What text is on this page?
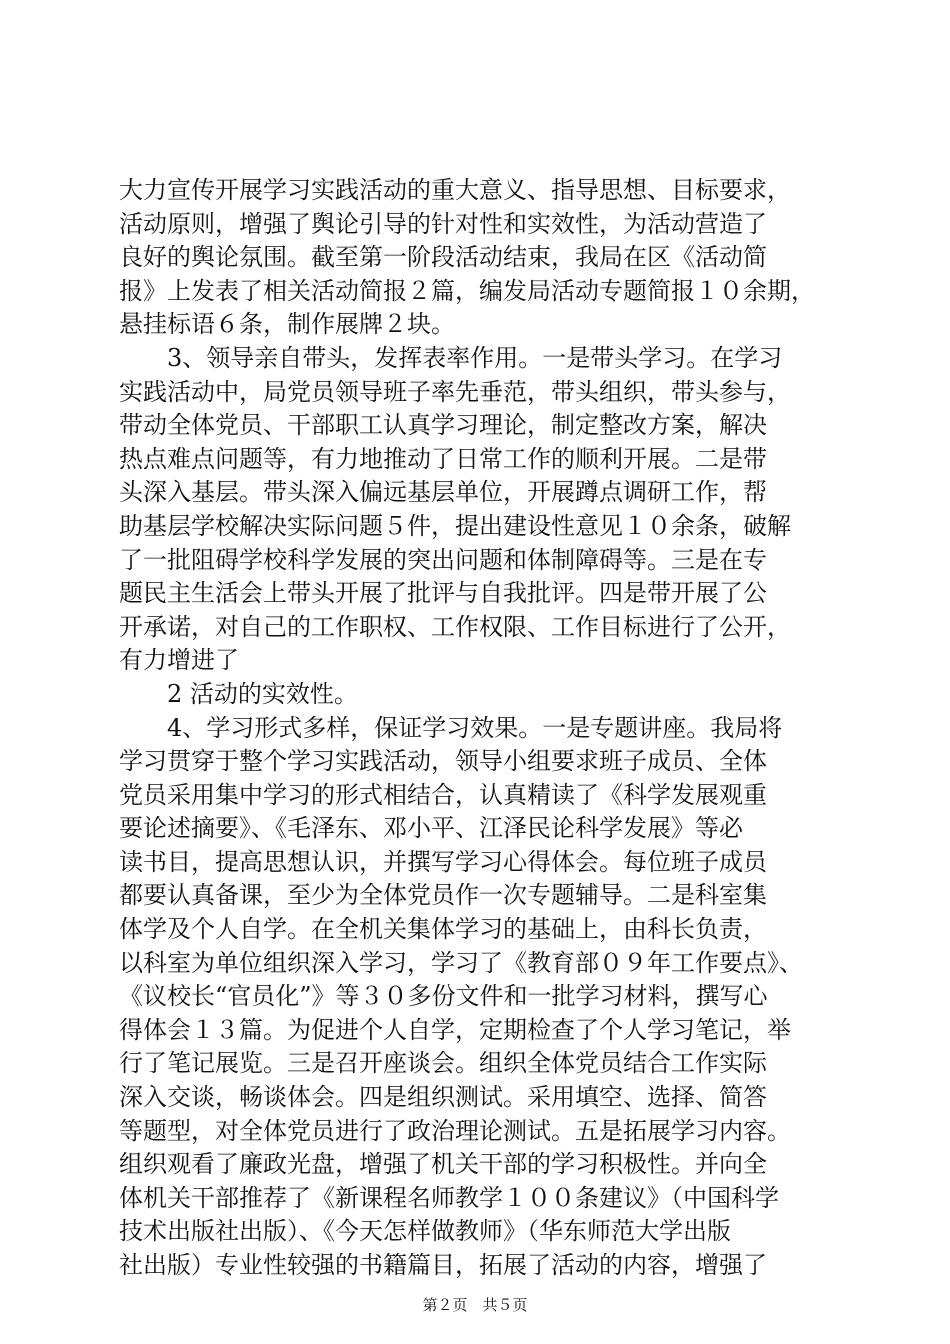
大力宣传开展学习实践活动的重大意义、指导思想、目标要求，
活动原则，增强了舆论引导的针对性和实效性，为活动营造了
良好的舆论氛围。截至第一阶段活动结束，我局在区《活动简
报》上发表了相关活动简报２篇，编发局活动专题简报１０余期，
悬挂标语６条，制作展牌２块。
3、领导亲自带头，发挥表率作用。一是带头学习。在学习
实践活动中，局党员领导班子率先垂范，带头组织，带头参与，
带动全体党员、干部职工认真学习理论，制定整改方案，解决
热点难点问题等，有力地推动了日常工作的顺利开展。二是带
头深入基层。带头深入偏远基层单位，开展蹲点调研工作，帮
助基层学校解决实际问题５件，提出建设性意见１０余条，破解
了一批阻碍学校科学发展的突出问题和体制障碍等。三是在专
题民主生活会上带头开展了批评与自我批评。四是带开展了公
开承诺，对自己的工作职权、工作权限、工作目标进行了公开，
有力增进了
2 活动的实效性。
4、学习形式多样，保证学习效果。一是专题讲座。我局将
学习贯穿于整个学习实践活动，领导小组要求班子成员、全体
党员采用集中学习的形式相结合，认真精读了《科学发展观重
要论述摘要》、《毛泽东、邓小平、江泽民论科学发展》等必
读书目，提高思想认识，并撰写学习心得体会。每位班子成员
都要认真备课，至少为全体党员作一次专题辅导。二是科室集
体学及个人自学。在全机关集体学习的基础上，由科长负责，
以科室为单位组织深入学习，学习了《教育部０９年工作要点》、
《议校长“官员化”》等３０多份文件和一批学习材料，撰写心
得体会１３篇。为促进个人自学，定期检查了个人学习笔记，举
行了笔记展览。三是召开座谈会。组织全体党员结合工作实际
深入交谈，畅谈体会。四是组织测试。采用填空、选择、简答
等题型，对全体党员进行了政治理论测试。五是拓展学习内容。
组织观看了廉政光盘，增强了机关干部的学习积极性。并向全
体机关干部推荐了《新课程名师教学１００条建议》（中国科学
技术出版社出版）、《今天怎样做教师》（华东师范大学出版
社出版）专业性较强的书籍篇目，拓展了活动的内容，增强了
第２页　共５页
